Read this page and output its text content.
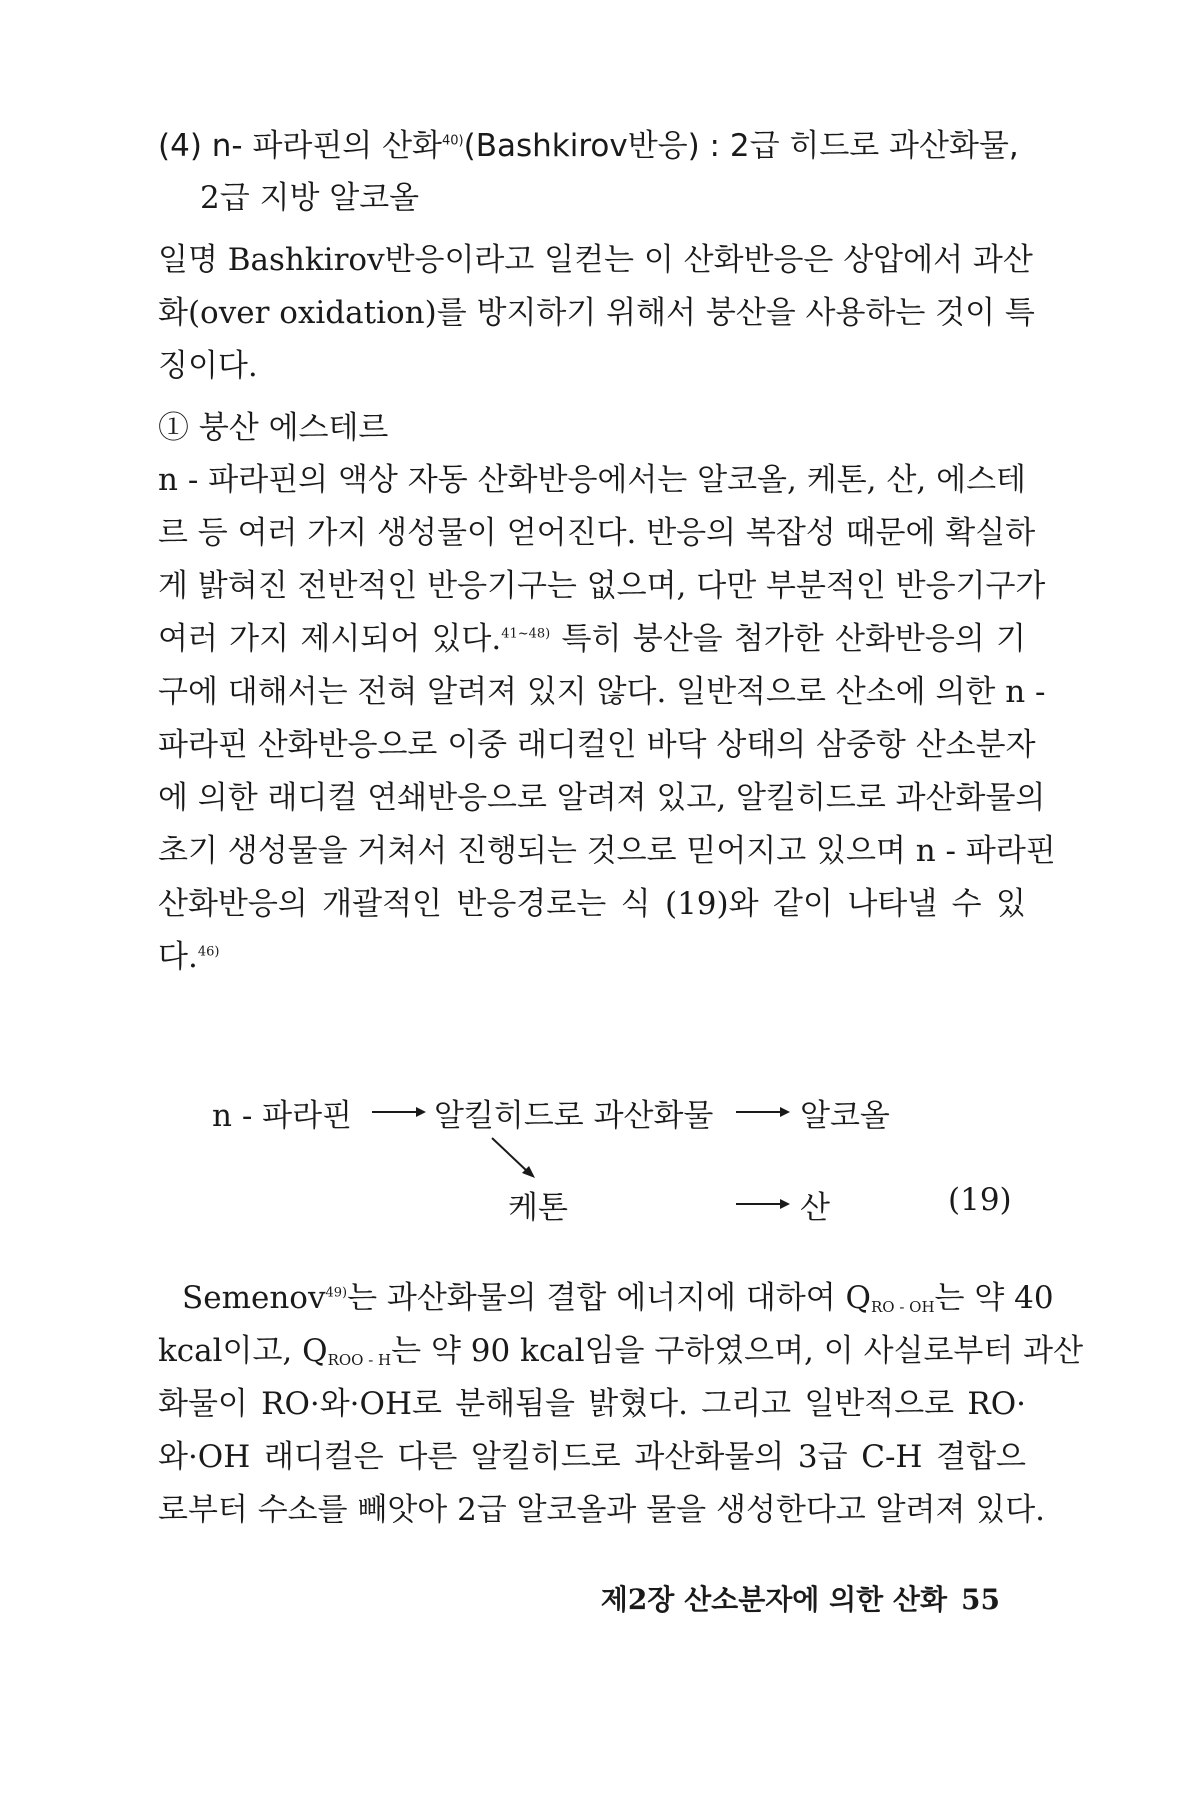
(4) n- 파라핀의 산화$^{40)}$(Bashkirov반응) : 2급 히드로 과산화물,
2급 지방 알코올
일명 Bashkirov반응이라고 일컫는 이 산화반응은 상압에서 과산
화(over oxidation)를 방지하기 위해서 붕산을 사용하는 것이 특
징이다.
① 붕산 에스테르
n - 파라핀의 액상 자동 산화반응에서는 알코올, 케톤, 산, 에스테
르 등 여러 가지 생성물이 얻어진다. 반응의 복잡성 때문에 확실하
게 밝혀진 전반적인 반응기구는 없으며, 다만 부분적인 반응기구가
여러 가지 제시되어 있다.$^{41\sim 48)}$ 특히 붕산을 첨가한 산화반응의 기
구에 대해서는 전혀 알려져 있지 않다. 일반적으로 산소에 의한 n -
파라핀 산화반응으로 이중 래디컬인 바닥 상태의 삼중항 산소분자
에 의한 래디컬 연쇄반응으로 알려져 있고, 알킬히드로 과산화물의
초기 생성물을 거쳐서 진행되는 것으로 믿어지고 있으며 n - 파라핀
산화반응의 개괄적인 반응경로는 식 (19)와 같이 나타낼 수 있
다.$^{46)}$
n - 파라핀	알킬히드로 과산화물	알코올
케톤	산	(19)
Semenov$^{49)}$는 과산화물의 결합 에너지에 대하여 $Q_{RO - OH}$는 약 40
kcal이고, $Q_{ROO - H}$는 약 90 kcal임을 구하였으며, 이 사실로부터 과산
화물이 RO·와·OH로 분해됨을 밝혔다. 그리고 일반적으로 RO·
와·OH 래디컬은 다른 알킬히드로 과산화물의 3급 C-H 결합으
로부터 수소를 빼앗아 2급 알코올과 물을 생성한다고 알려져 있다.
제2장 산소분자에 의한 산화 55
